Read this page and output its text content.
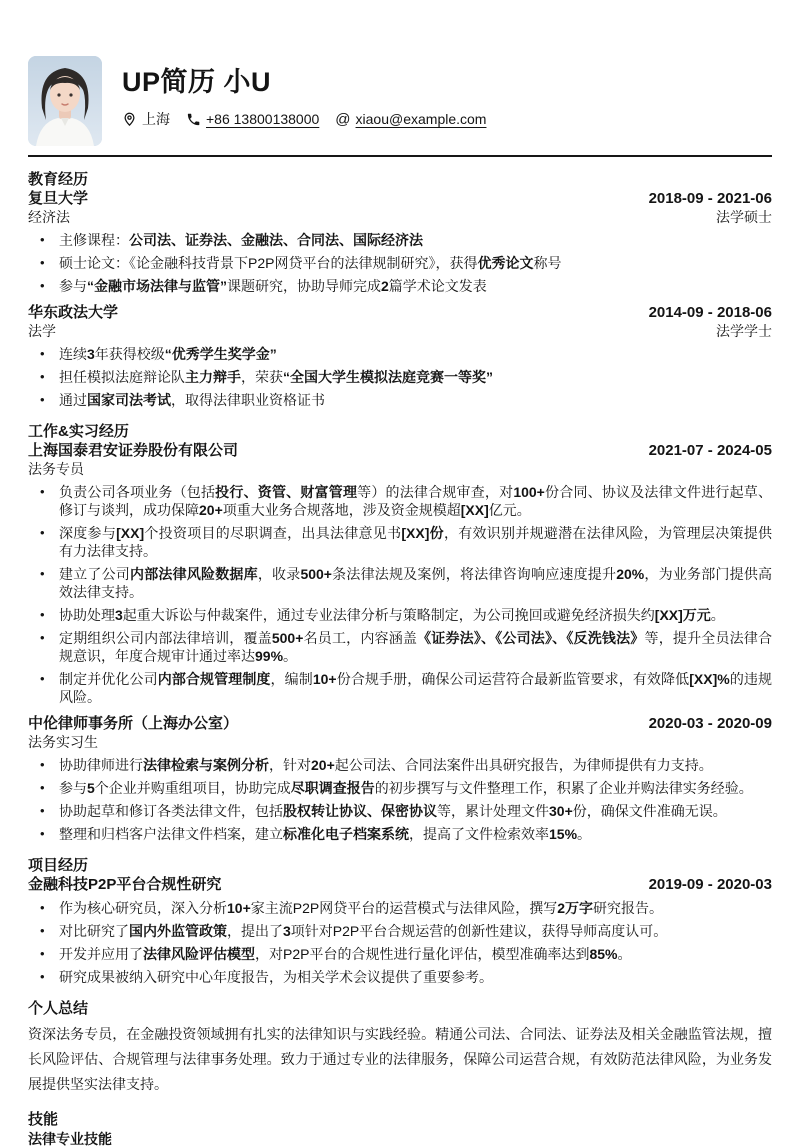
UP简历 小U
上海	+86 13800138000 @ xiaou@example.com
教育经历
复旦大学	2018-09 - 2021-06
经济法	法学硕士
• 主修课程：公司法、证券法、金融法、合同法、国际经济法
• 硕士论文：《论金融科技背景下P2P网贷平台的法律规制研究》，获得优秀论文称号
• 参与“金融市场法律与监管”课题研究，协助导师完成2篇学术论文发表
华东政法大学	2014-09 - 2018-06
法学	法学学士
• 连续3年获得校级“优秀学生奖学金”
• 担任模拟法庭辩论队主力辩手，荣获“全国大学生模拟法庭竞赛一等奖”
• 通过国家司法考试，取得法律职业资格证书
工作&实习经历
上海国泰君安证券股份有限公司	2021-07 - 2024-05
法务专员
• 负责公司各项业务（包括投行、资管、财富管理等）的法律合规审查，对100+份合同、协议及法律文件进行起草、修订与谈判，成功保障20+项重大业务合规落地，涉及资金规模超[XX]亿元。
• 深度参与[XX]个投资项目的尽职调查，出具法律意见书[XX]份，有效识别并规避潜在法律风险，为管理层决策提供有力法律支持。
• 建立了公司内部法律风险数据库，收录500+条法律法规及案例，将法律咨询响应速度提升20%，为业务部门提供高效法律支持。
• 协助处理3起重大诉讼与仲裁案件，通过专业法律分析与策略制定，为公司挽回或避免经济损失约[XX]万元。
• 定期组织公司内部法律培训，覆盖500+名员工，内容涵盖《证券法》、《公司法》、《反洗钱法》等，提升全员法律合规意识，年度合规审计通过率达99%。
• 制定并优化公司内部合规管理制度，编制10+份合规手册，确保公司运营符合最新监管要求，有效降低[XX]%的违规风险。
中伦律师事务所（上海办公室）	2020-03 - 2020-09
法务实习生
• 协助律师进行法律检索与案例分析，针对20+起公司法、合同法案件出具研究报告，为律师提供有力支持。
• 参与5个企业并购重组项目，协助完成尽职调查报告的初步撰写与文件整理工作，积累了企业并购法律实务经验。
• 协助起草和修订各类法律文件，包括股权转让协议、保密协议等，累计处理文件30+份，确保文件准确无误。
• 整理和归档客户法律文件档案，建立标准化电子档案系统，提高了文件检索效率15%。
项目经历
金融科技P2P平台合规性研究	2019-09 - 2020-03
• 作为核心研究员，深入分析10+家主流P2P网贷平台的运营模式与法律风险，撰写2万字研究报告。
• 对比研究了国内外监管政策，提出了3项针对P2P平台合规运营的创新性建议，获得导师高度认可。
• 开发并应用了法律风险评估模型，对P2P平台的合规性进行量化评估，模型准确率达到85%。
• 研究成果被纳入研究中心年度报告，为相关学术会议提供了重要参考。
个人总结

资深法务专员，在金融投资领域拥有扎实的法律知识与实践经验。精通公司法、合同法、证券法及相关金融监管法规，擅长风险评估、合规管理与法律事务处理。致力于通过专业的法律服务，保障公司运营合规，有效防范法律风险，为业务发展提供坚实法律支持。

技能
法律专业技能
